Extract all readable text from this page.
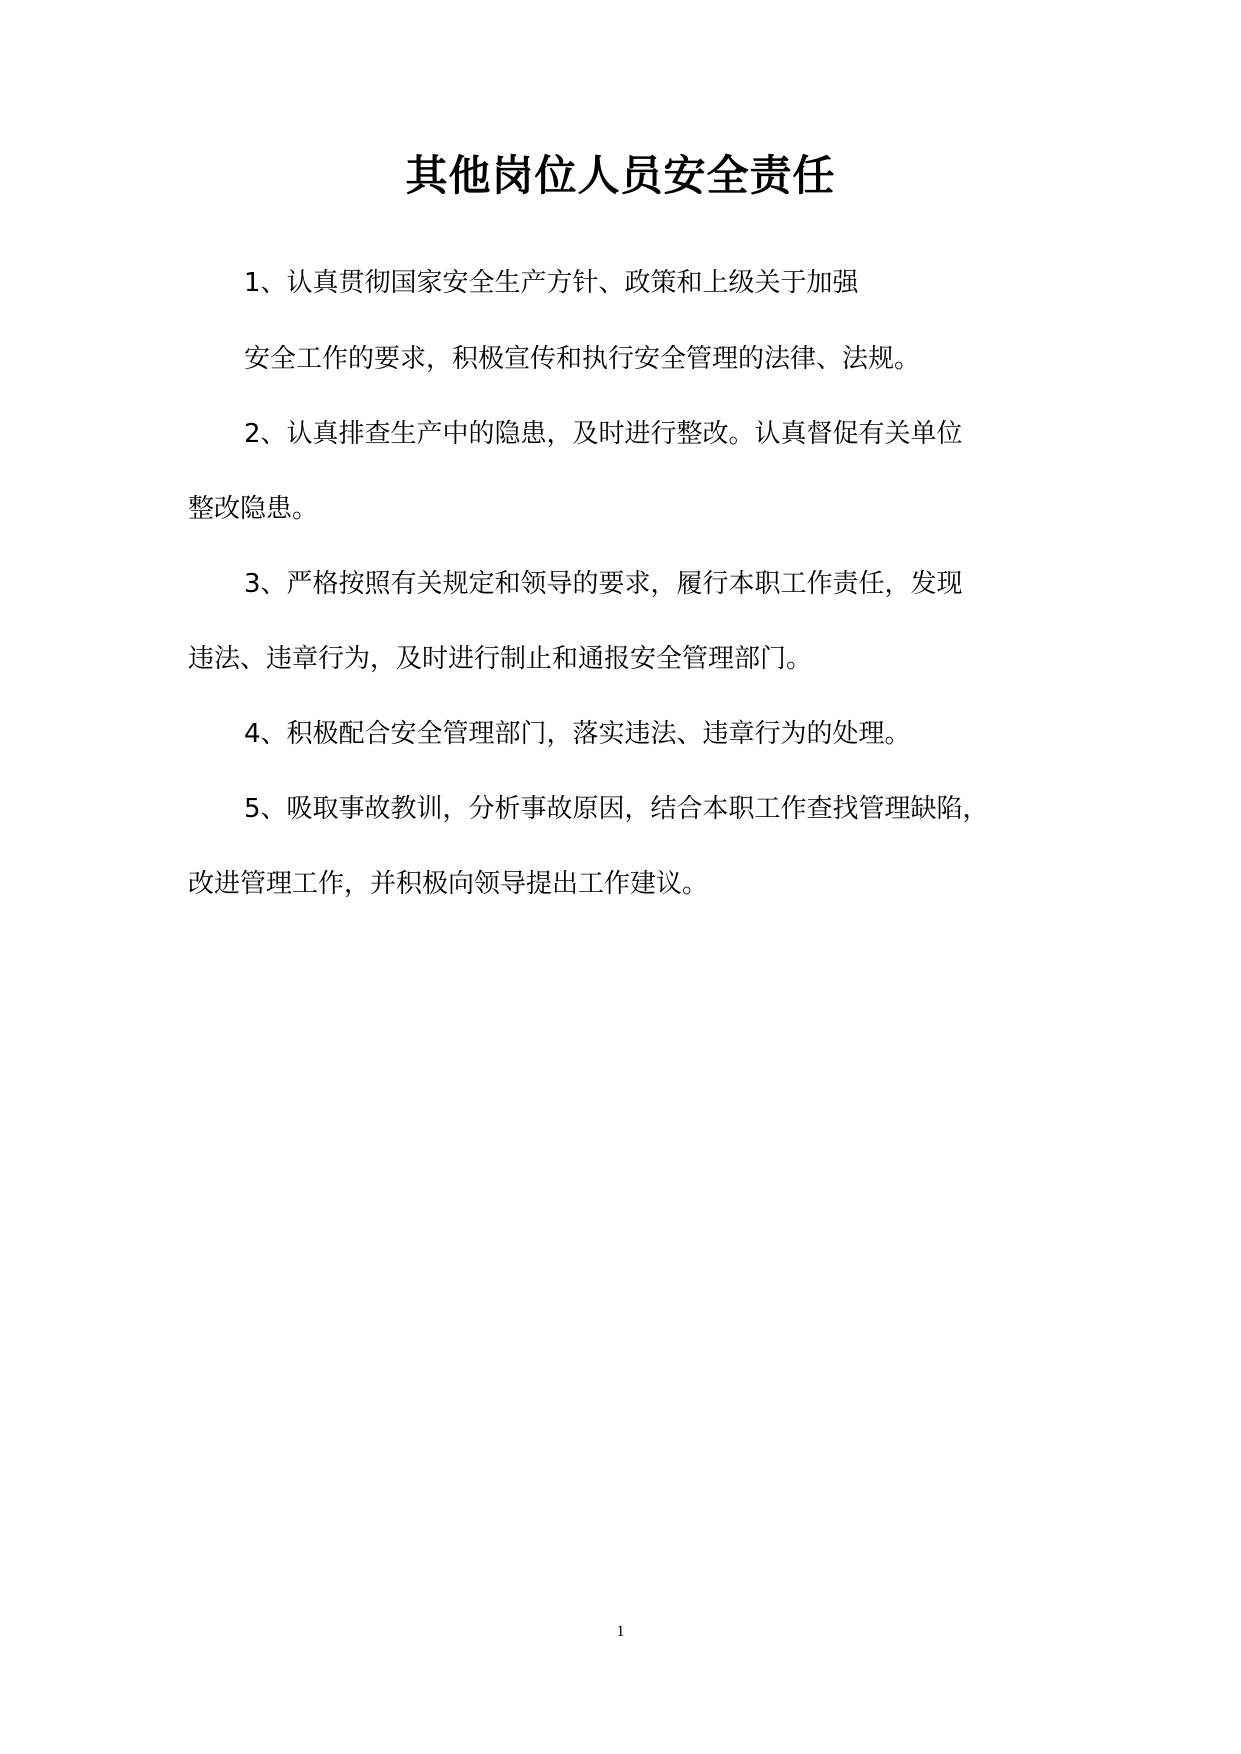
其他岗位人员安全责任
1、认真贯彻国家安全生产方针、政策和上级关于加强
安全工作的要求，积极宣传和执行安全管理的法律、法规。
2、认真排查生产中的隐患，及时进行整改。认真督促有关单位
整改隐患。
3、严格按照有关规定和领导的要求，履行本职工作责任，发现
违法、违章行为，及时进行制止和通报安全管理部门。
4、积极配合安全管理部门，落实违法、违章行为的处理。
5、吸取事故教训，分析事故原因，结合本职工作查找管理缺陷，
改进管理工作，并积极向领导提出工作建议。
1
